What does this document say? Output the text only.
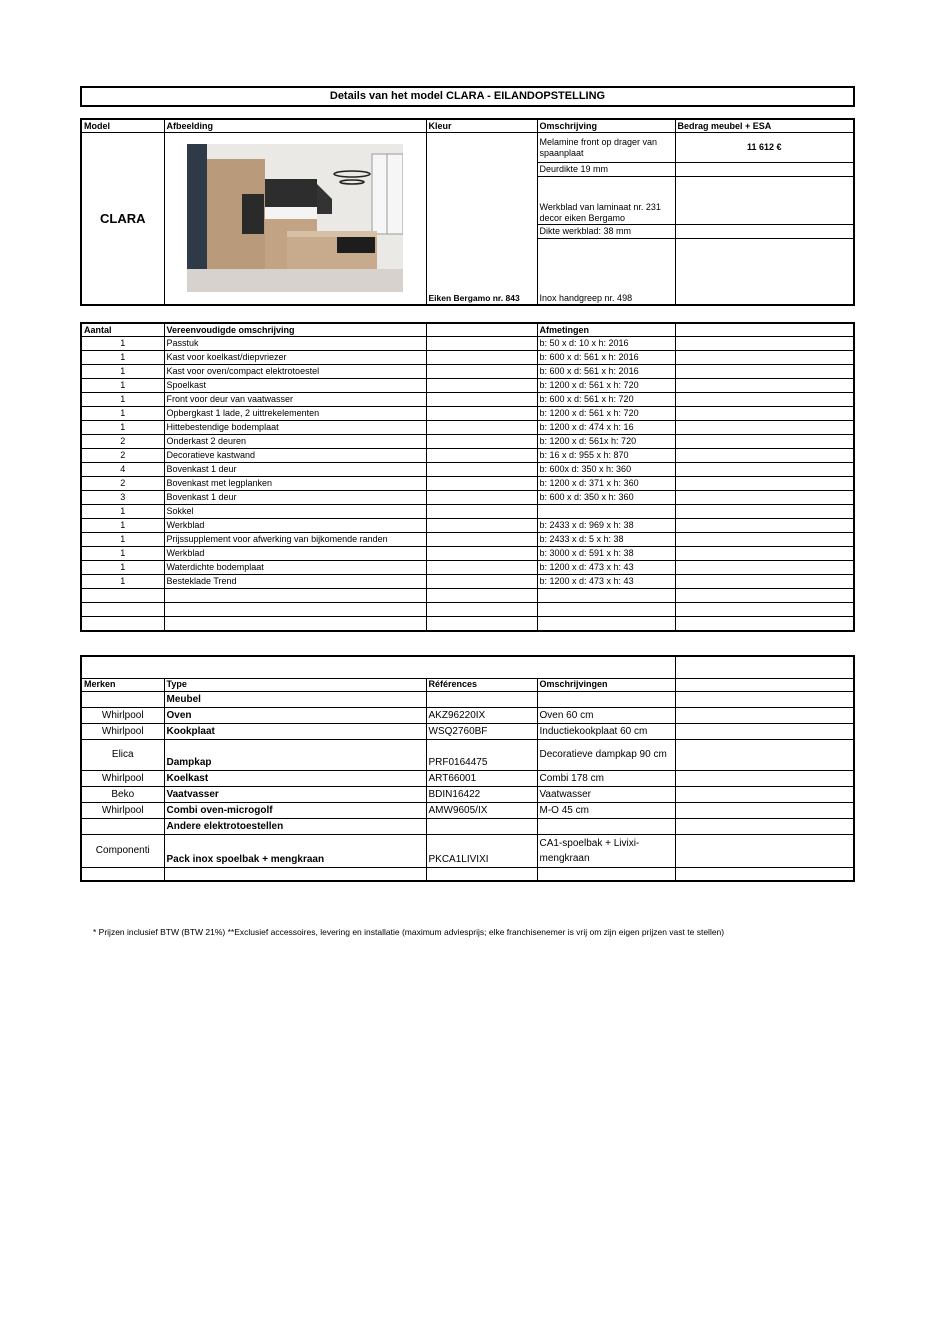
Details van het model CLARA - EILANDOPSTELLING
Model	Afbeelding	Kleur	Omschrijving	Bedrag meubel + ESA
CLARA		Eiken Bergamo nr. 843	Melamine front op drager van spaanplaat	11 612 €
			Deurdikte 19 mm	
			Werkblad van laminaat nr. 231 decor eiken Bergamo	
			Dikte werkblad: 38 mm	
			Inox handgreep nr. 498	
Aantal	Vereenvoudigde omschrijving		Afmetingen	
1	Passtuk		b: 50 x d: 10 x h: 2016	
1	Kast voor koelkast/diepvriezer		b: 600 x d: 561 x h: 2016	
1	Kast voor oven/compact elektrotoestel		b: 600 x d: 561 x h: 2016	
1	Spoelkast		b: 1200 x d: 561 x h: 720	
1	Front voor deur van vaatwasser		b: 600 x d: 561 x h: 720	
1	Opbergkast 1 lade, 2 uittrekelementen		b: 1200 x d: 561 x h: 720	
1	Hittebestendige bodemplaat		b: 1200 x d: 474 x h: 16	
2	Onderkast 2 deuren		b: 1200 x d: 561x h: 720	
2	Decoratieve kastwand		b: 16 x d: 955 x h: 870	
4	Bovenkast 1 deur		b: 600x d: 350 x h: 360	
2	Bovenkast met legplanken		b: 1200 x d: 371 x h: 360	
3	Bovenkast 1 deur		b: 600 x d: 350 x h: 360	
1	Sokkel			
1	Werkblad		b: 2433 x d: 969 x h: 38	
1	Prijssupplement voor afwerking van bijkomende randen		b: 2433 x d: 5 x h: 38	
1	Werkblad		b: 3000 x d: 591 x h: 38	
1	Waterdichte bodemplaat		b: 1200 x d: 473 x h: 43	
1	Besteklade Trend		b: 1200 x d: 473 x h: 43	

Merken	Type	Références	Omschrijvingen	
	Meubel			
Whirlpool	Oven	AKZ96220IX	Oven 60 cm	
Whirlpool	Kookplaat	WSQ2760BF	Inductiekookplaat 60 cm	
Elica	Dampkap	PRF0164475	Decoratieve dampkap 90 cm	
Whirlpool	Koelkast	ART66001	Combi 178 cm	
Beko	Vaatvasser	BDIN16422	Vaatwasser	
Whirlpool	Combi oven-microgolf	AMW9605/IX	M-O 45 cm	
	Andere elektrotoestellen			
Componenti	Pack inox spoelbak + mengkraan	PKCA1LIVIXI	CA1-spoelbak + Livixi-mengkraan	

* Prijzen inclusief BTW (BTW 21%) **Exclusief accessoires, levering en installatie (maximum adviesprijs; elke franchisenemer is vrij om zijn eigen prijzen vast te stellen)
